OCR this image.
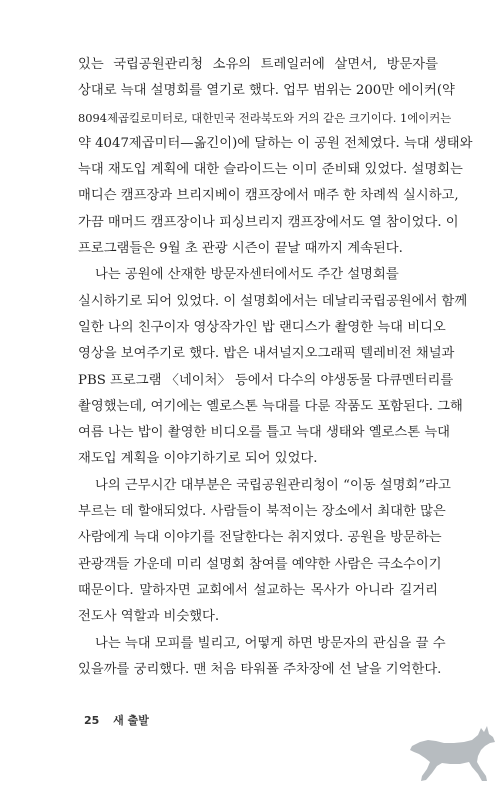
있는 국립공원관리청 소유의 트레일러에 살면서, 방문자를
상대로 늑대 설명회를 열기로 했다. 업무 범위는 200만 에이커(약
8094제곱킬로미터로, 대한민국 전라북도와 거의 같은 크기이다. 1에이커는
약 4047제곱미터—옮긴이)에 달하는 이 공원 전체였다. 늑대 생태와
늑대 재도입 계획에 대한 슬라이드는 이미 준비돼 있었다. 설명회는
매디슨 캠프장과 브리지베이 캠프장에서 매주 한 차례씩 실시하고,
가끔 매머드 캠프장이나 피싱브리지 캠프장에서도 열 참이었다. 이
프로그램들은 9월 초 관광 시즌이 끝날 때까지 계속된다.
나는 공원에 산재한 방문자센터에서도 주간 설명회를
실시하기로 되어 있었다. 이 설명회에서는 데날리국립공원에서 함께
일한 나의 친구이자 영상작가인 밥 랜디스가 촬영한 늑대 비디오
영상을 보여주기로 했다. 밥은 내셔널지오그래픽 텔레비전 채널과
PBS 프로그램 〈네이처〉 등에서 다수의 야생동물 다큐멘터리를
촬영했는데, 여기에는 옐로스톤 늑대를 다룬 작품도 포함된다. 그해
여름 나는 밥이 촬영한 비디오를 틀고 늑대 생태와 옐로스톤 늑대
재도입 계획을 이야기하기로 되어 있었다.
나의 근무시간 대부분은 국립공원관리청이 “이동 설명회”라고
부르는 데 할애되었다. 사람들이 북적이는 장소에서 최대한 많은
사람에게 늑대 이야기를 전달한다는 취지였다. 공원을 방문하는
관광객들 가운데 미리 설명회 참여를 예약한 사람은 극소수이기
때문이다. 말하자면 교회에서 설교하는 목사가 아니라 길거리
전도사 역할과 비슷했다.
나는 늑대 모피를 빌리고, 어떻게 하면 방문자의 관심을 끌 수
있을까를 궁리했다. 맨 처음 타워폴 주차장에 선 날을 기억한다.
25 새 출발
